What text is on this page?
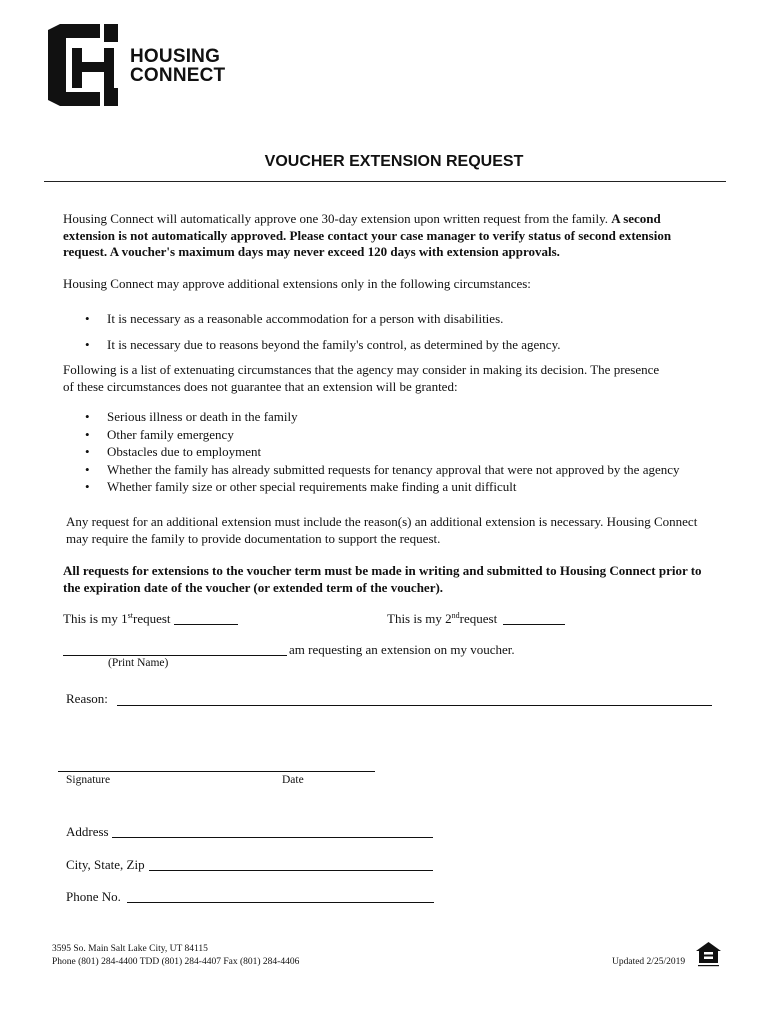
HOUSING
CONNECT
VOUCHER EXTENSION REQUEST
Housing Connect will automatically approve one 30-day extension upon written request from the family. A second extension is not automatically approved. Please contact your case manager to verify status of second extension request. A voucher's maximum days may never exceed 120 days with extension approvals.
Housing Connect may approve additional extensions only in the following circumstances:
• It is necessary as a reasonable accommodation for a person with disabilities.
• It is necessary due to reasons beyond the family's control, as determined by the agency.
Following is a list of extenuating circumstances that the agency may consider in making its decision. The presence of these circumstances does not guarantee that an extension will be granted:
• Serious illness or death in the family
• Other family emergency
• Obstacles due to employment
• Whether the family has already submitted requests for tenancy approval that were not approved by the agency
• Whether family size or other special requirements make finding a unit difficult
Any request for an additional extension must include the reason(s) an additional extension is necessary. Housing Connect may require the family to provide documentation to support the request.
All requests for extensions to the voucher term must be made in writing and submitted to Housing Connect prior to the expiration date of the voucher (or extended term of the voucher).
This is my 1strequest	This is my 2ndrequest
am requesting an extension on my voucher.
(Print Name)
Reason:
Signature	Date
Address
City, State, Zip
Phone No.
3595 So. Main Salt Lake City, UT 84115
Phone (801) 284-4400 TDD (801) 284-4407 Fax (801) 284-4406	Updated 2/25/2019
